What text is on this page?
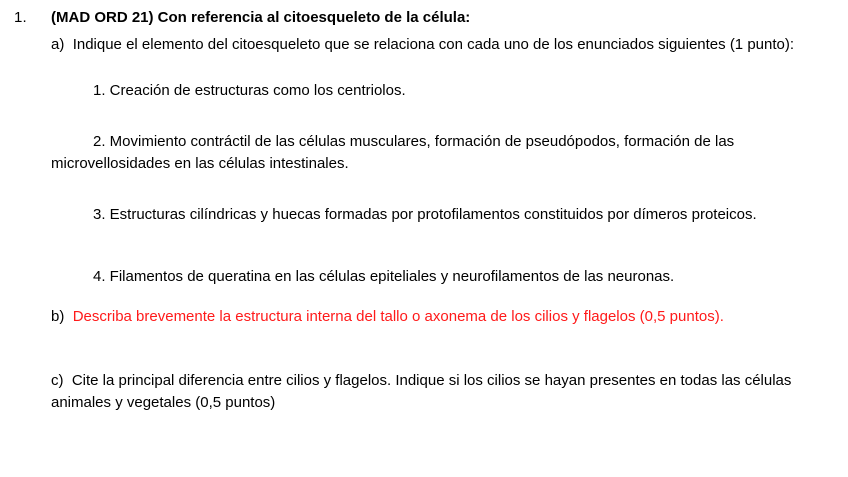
1. (MAD ORD 21) Con referencia al citoesqueleto de la célula:
a) Indique el elemento del citoesqueleto que se relaciona con cada uno de los enunciados siguientes (1 punto):
1. Creación de estructuras como los centriolos.
2. Movimiento contráctil de las células musculares, formación de pseudópodos, formación de las microvellosidades en las células intestinales.
3. Estructuras cilíndricas y huecas formadas por protofilamentos constituidos por dímeros proteicos.
4. Filamentos de queratina en las células epiteliales y neurofilamentos de las neuronas.
b) Describa brevemente la estructura interna del tallo o axonema de los cilios y flagelos (0,5 puntos).
c) Cite la principal diferencia entre cilios y flagelos. Indique si los cilios se hayan presentes en todas las células animales y vegetales (0,5 puntos)
